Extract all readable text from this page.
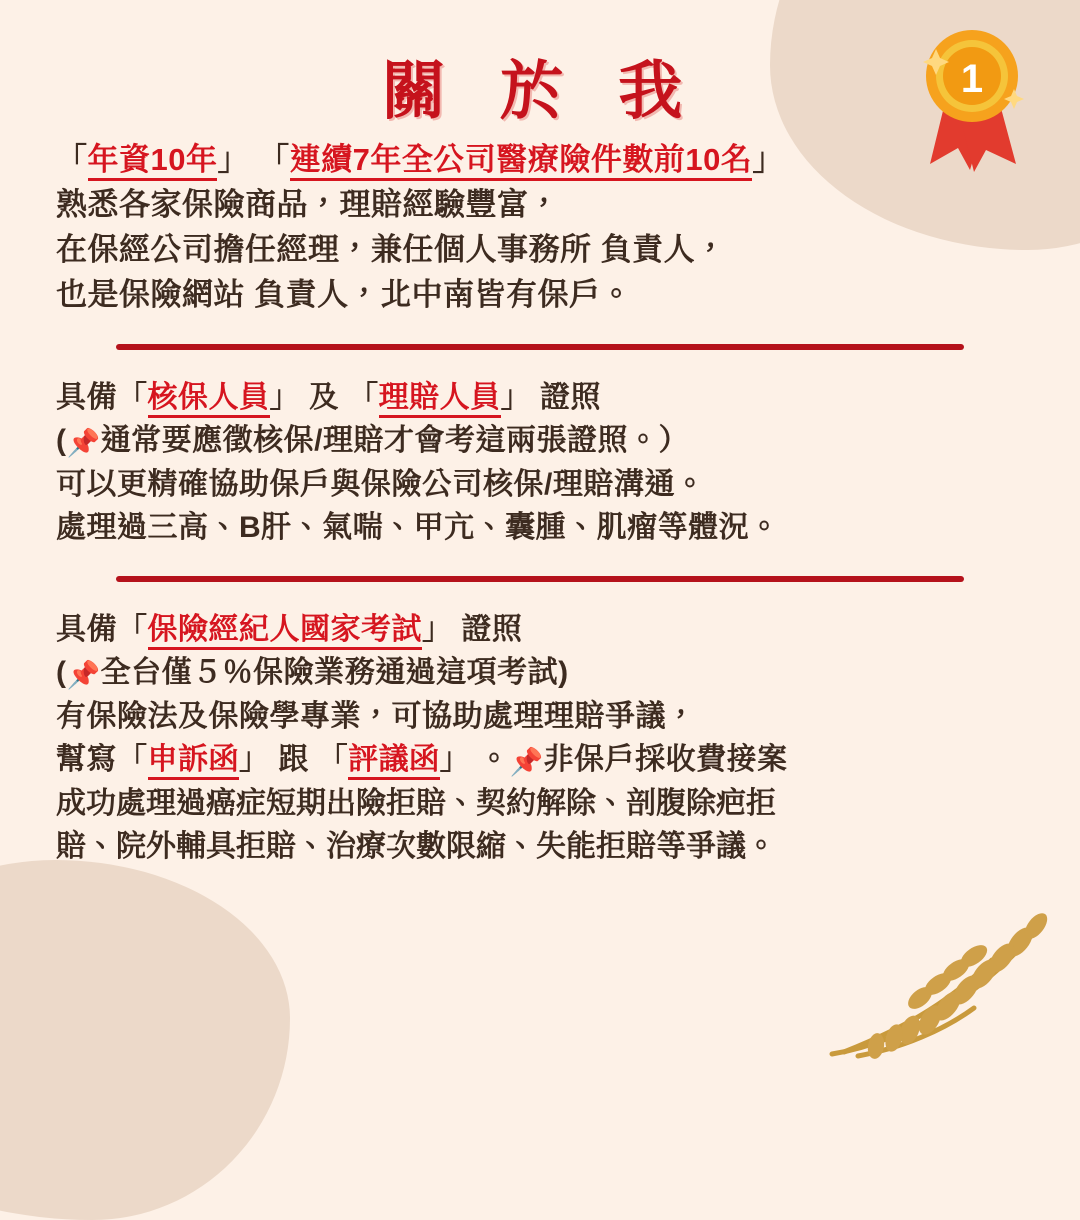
1
關 於 我
「年資10年」 「連續7年全公司醫療險件數前10名」
熟悉各家保險商品，理賠經驗豐富，
在保經公司擔任經理，兼任個人事務所 負責人，
也是保險網站 負責人，北中南皆有保戶。
具備「核保人員」 及 「理賠人員」 證照
(📌通常要應徵核保/理賠才會考這兩張證照。）
可以更精確協助保戶與保險公司核保/理賠溝通。
處理過三高、B肝、氣喘、甲亢、囊腫、肌瘤等體況。
具備「保險經紀人國家考試」 證照
(📌全台僅５％保險業務通過這項考試)
有保險法及保險學專業，可協助處理理賠爭議，
幫寫「申訴函」 跟 「評議函」 。📌非保戶採收費接案
成功處理過癌症短期出險拒賠、契約解除、剖腹除疤拒
賠、院外輔具拒賠、治療次數限縮、失能拒賠等爭議。
